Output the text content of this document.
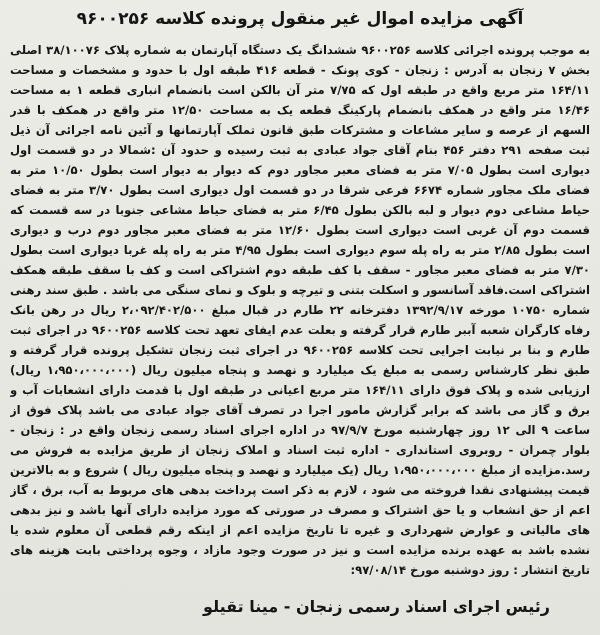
آگهی مزایده اموال غیر منقول پرونده کلاسه ۹۶۰۰۲۵۶

به موجب پرونده اجرائی کلاسه ۹۶۰۰۲۵۶ ششدانگ یک دستگاه آپارتمان به شماره پلاک ۳۸/۱۰۰۷۶ اصلی بخش ۷ زنجان به آدرس : زنجان - کوی پونک - قطعه ۴۱۶ طبقه اول با حدود و مشخصات و مساحت ۱۶۴/۱۱ متر مربع واقع در طبقه اول که ۷/۷۵ متر آن بالکن است بانضمام انباری قطعه ۱ به مساحت ۱۶/۴۶ متر واقع در همکف بانضمام پارکینگ قطعه یک به مساحت ۱۲/۵۰ متر واقع در همکف با قدر السهم از عرصه و سایر مشاعات و مشترکات طبق قانون تملک آپارتمانها و آئین نامه اجرائی آن ذیل ثبت صفحه ۲۹۱ دفتر ۴۵۶ بنام آقای جواد عبادی به ثبت رسیده و حدود آن :شمالا در دو قسمت اول دیواری است بطول ۷/۰۵ متر به فضای معبر مجاور دوم که دیوار به دیوار است بطول ۱۰/۵۰ متر به فضای ملک مجاور شماره ۶۶۷۴ فرعی شرقا در دو قسمت اول دیواری است بطول ۳/۷۰ متر به فضای حیاط مشاعی دوم دیوار و لبه بالکن بطول ۶/۴۵ متر به فضای حیاط مشاعی جنوبا در سه قسمت که قسمت دوم آن غربی است دیواری است بطول ۱۲/۶۰ متر به فضای معبر مجاور دوم درب و دیواری است بطول ۲/۸۵ متر به راه پله سوم دیواری است بطول ۴/۹۵ متر به راه پله غربا دیواری است بطول ۷/۳۰ متر به فضای معبر مجاور - سقف با کف طبقه دوم اشتراکی است و کف با سقف طبقه همکف اشتراکی است.فاقد آسانسور و اسکلت بتنی و تیرچه و بلوک و نمای سنگی می باشد . طبق سند رهنی شماره ۱۰۷۵۰ مورخه ۱۳۹۲/۹/۱۷ دفترخانه ۲۲ طارم در قبال مبلغ ۲،۰۹۲/۴۰۲/۵۰۰ ریال در رهن بانک رفاه کارگران شعبه آببر طارم قرار گرفته و بعلت عدم ایفای تعهد تحت کلاسه ۹۶۰۰۲۵۶ در اجرای ثبت طارم و بنا بر نیابت اجرایی تحت کلاسه ۹۶۰۰۲۵۶ در اجرای ثبت زنجان تشکیل پرونده قرار گرفته و طبق نظر کارشناس رسمی به مبلغ یک میلیارد و نهصد و پنجاه میلیون ریال (۱،۹۵۰،۰۰۰،۰۰۰ ریال) ارزیابی شده و پلاک فوق دارای ۱۶۴/۱۱ متر مربع اعیانی در طبقه اول با قدمت دارای انشعابات آب و برق و گاز می باشد که برابر گزارش مامور اجرا در تصرف آقای جواد عبادی می باشد پلاک فوق از ساعت ۹ الی ۱۲ روز چهارشنبه مورخ ۹۷/۹/۷ در اداره اجرای اسناد رسمی زنجان واقع در : زنجان - بلوار چمران - روبروی استانداری - اداره ثبت اسناد و املاک زنجان از طریق مزایده به فروش می رسد.مزایده از مبلغ ۱،۹۵۰،۰۰۰،۰۰۰ ریال (یک میلیارد و نهصد و پنجاه میلیون ریال ) شروع و به بالاترین قیمت پیشنهادی نقدا فروخته می شود ، لازم به ذکر است پرداخت بدهی های مربوط به آب، برق ، گاز اعم از حق انشعاب و یا حق اشتراک و مصرف در صورتی که مورد مزایده دارای آنها باشد و نیز بدهی های مالیاتی و عوارض شهرداری و غیره تا تاریخ مزایده اعم از اینکه رقم قطعی آن معلوم شده یا نشده باشد به عهده برنده مزایده است و نیز در صورت وجود مازاد ، وجوه پرداختی بابت هزینه های

تاریخ انتشار : روز دوشنبه مورخ ۹۷/۰۸/۱۴:

رئیس اجرای اسناد رسمی زنجان - مینا تقیلو
